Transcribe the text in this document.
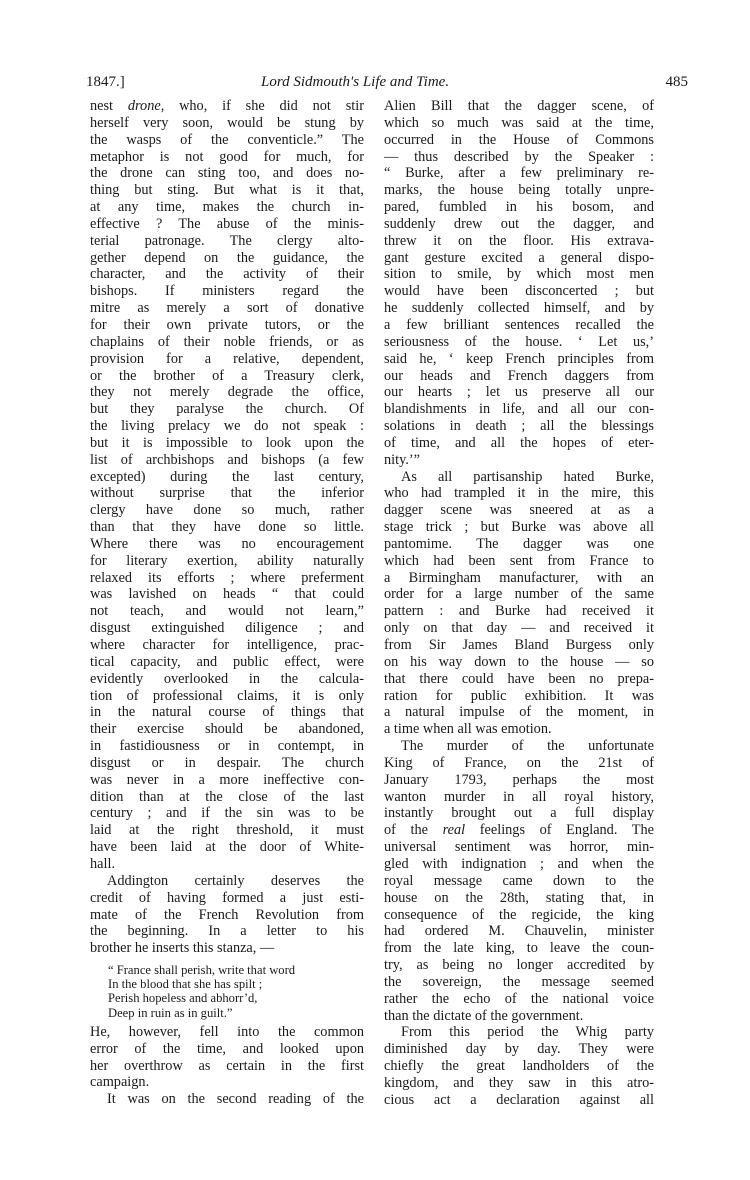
1847.]	Lord Sidmouth's Life and Time.	485
nest drone, who, if she did not stir
herself very soon, would be stung by
the wasps of the conventicle.” The
metaphor is not good for much, for
the drone can sting too, and does no-
thing but sting. But what is it that,
at any time, makes the church in-
effective ? The abuse of the minis-
terial patronage. The clergy alto-
gether depend on the guidance, the
character, and the activity of their
bishops. If ministers regard the
mitre as merely a sort of donative
for their own private tutors, or the
chaplains of their noble friends, or as
provision for a relative, dependent,
or the brother of a Treasury clerk,
they not merely degrade the office,
but they paralyse the church. Of
the living prelacy we do not speak :
but it is impossible to look upon the
list of archbishops and bishops (a few
excepted) during the last century,
without surprise that the inferior
clergy have done so much, rather
than that they have done so little.
Where there was no encouragement
for literary exertion, ability naturally
relaxed its efforts ; where preferment
was lavished on heads “ that could
not teach, and would not learn,”
disgust extinguished diligence ; and
where character for intelligence, prac-
tical capacity, and public effect, were
evidently overlooked in the calcula-
tion of professional claims, it is only
in the natural course of things that
their exercise should be abandoned,
in fastidiousness or in contempt, in
disgust or in despair. The church
was never in a more ineffective con-
dition than at the close of the last
century ; and if the sin was to be
laid at the right threshold, it must
have been laid at the door of White-
hall.
Addington certainly deserves the
credit of having formed a just esti-
mate of the French Revolution from
the beginning. In a letter to his
brother he inserts this stanza, —
“ France shall perish, write that word
In the blood that she has spilt ;
Perish hopeless and abhorr’d,
Deep in ruin as in guilt.”
He, however, fell into the common
error of the time, and looked upon
her overthrow as certain in the first
campaign.
It was on the second reading of the
Alien Bill that the dagger scene, of
which so much was said at the time,
occurred in the House of Commons
— thus described by the Speaker :
“ Burke, after a few preliminary re-
marks, the house being totally unpre-
pared, fumbled in his bosom, and
suddenly drew out the dagger, and
threw it on the floor. His extrava-
gant gesture excited a general dispo-
sition to smile, by which most men
would have been disconcerted ; but
he suddenly collected himself, and by
a few brilliant sentences recalled the
seriousness of the house. ‘ Let us,’
said he, ‘ keep French principles from
our heads and French daggers from
our hearts ; let us preserve all our
blandishments in life, and all our con-
solations in death ; all the blessings
of time, and all the hopes of eter-
nity.’”
As all partisanship hated Burke,
who had trampled it in the mire, this
dagger scene was sneered at as a
stage trick ; but Burke was above all
pantomime. The dagger was one
which had been sent from France to
a Birmingham manufacturer, with an
order for a large number of the same
pattern : and Burke had received it
only on that day — and received it
from Sir James Bland Burgess only
on his way down to the house — so
that there could have been no prepa-
ration for public exhibition. It was
a natural impulse of the moment, in
a time when all was emotion.
The murder of the unfortunate
King of France, on the 21st of
January 1793, perhaps the most
wanton murder in all royal history,
instantly brought out a full display
of the real feelings of England. The
universal sentiment was horror, min-
gled with indignation ; and when the
royal message came down to the
house on the 28th, stating that, in
consequence of the regicide, the king
had ordered M. Chauvelin, minister
from the late king, to leave the coun-
try, as being no longer accredited by
the sovereign, the message seemed
rather the echo of the national voice
than the dictate of the government.
From this period the Whig party
diminished day by day. They were
chiefly the great landholders of the
kingdom, and they saw in this atro-
cious act a declaration against all
